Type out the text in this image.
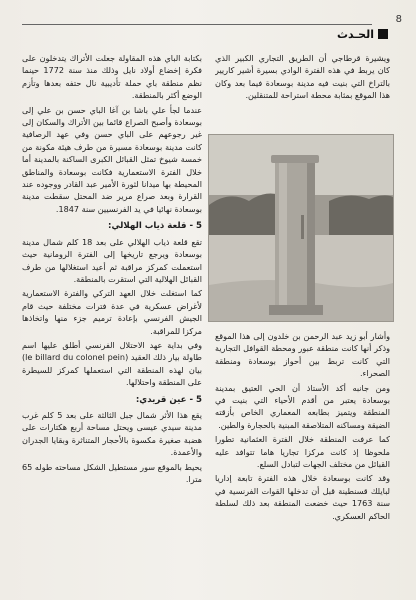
8
الحـدث

ويشيرة قرطاجي أن الطريق التجاري الكبير الذي كان يربط في هذه الفترة الوادي بسيرة أشير كاريير بالتراخ التي بنيت فيه مدينة بوسعادة فيما بعد وكان هذا الموقع بمثابة محطة استراحة للمتنقلين.

وأشار أبو زيد عبد الرحمن بن خلدون إلى هذا الموقع وذكر أنها كانت منطقة عبور ومحطة القوافل التجارية التي كانت تربط بين أحواز بوسعادة ومنطقة الصحراء.

ومن جانبه أكد الأستاذ أن الحي العتيق بمدينة بوسعادة يعتبر من أقدم الأحياء التي بنيت في المنطقة ويتميز بطابعه المعماري الخاص بأزقته الضيقة ومساكنه المتلاصقة المبنية بالحجارة والطين.

كما عرفت المنطقة خلال الفترة العثمانية تطورا ملحوظا إذ كانت مركزا تجاريا هاما تتوافد عليه القبائل من مختلف الجهات لتبادل السلع.

وقد كانت بوسعادة خلال هذه الفترة تابعة إداريا لبايلك قسنطينة قبل أن تدخلها القوات الفرنسية في سنة 1763 حيث خضعت المنطقة بعد ذلك لسلطة الحاكم العسكري.

بكتابة الباي هذه المقاولة جعلت الأتراك يتدخلون على فكرة إخضاع أولاد نايل وذلك منذ سنة 1772 حينما نظم منطقة باي حملة تأديبية نال حتفه بعدها وتأزم الوضع أكثر بالمنطقة.

عندما لجأ علي باشا بن آغا الباي حسن بن علي إلى بوسعادة وأصبح الصراع قائما بين الأتراك والسكان إلى غير رجوعهم على الباي حسن وفي عهد الرصافية كانت مدينة بوسعادة مسيرة من طرف هيئة مكونة من خمسة شيوخ تمثل القبائل الكبرى الساكنة بالمدينة أما خلال الفترة الاستعمارية فكانت بوسعادة والمناطق المحيطة بها ميدانا لثورة الأمير عبد القادر ووجوده عند القرارة وبعد صراع مرير ضد المحتل سقطت مدينة بوسعادة نهائيا في يد الفرنسيين سنة 1847.

5 - قلعة ذياب الهلالي:

تقع قلعة ذياب الهلالي على بعد 18 كلم شمال مدينة بوسعادة ويرجع تاريخها إلى الفترة الرومانية حيث استعملت كمركز مراقبة ثم أعيد استغلالها من طرف القبائل الهلالية التي استقرت بالمنطقة.

كما استغلت خلال العهد التركي والفترة الاستعمارية لأغراض عسكرية في عدة فترات مختلفة حيث قام الجيش الفرنسي بإعادة ترميم جزء منها واتخاذها مركزا للمراقبة.

وفي بداية عهد الاحتلال الفرنسي أطلق عليها اسم طاولة بيار ذلك العقيد (le billard du colonel pein) بيان لهذه المنطقة التي استعملها كمركز للسيطرة على المنطقة واحتلالها.

5 - عين قريدي:

يقع هذا الأثر شمال جبل الثالثة على بعد 5 كلم غرب مدينة سيدي عيسى ويحتل مساحة أربع هكتارات على هضبة صغيرة مكسوة بالأحجار المتناثرة وبقايا الجدران والأعمدة.

يحيط بالموقع سور مستطيل الشكل مساحته طوله 65 مترا.
